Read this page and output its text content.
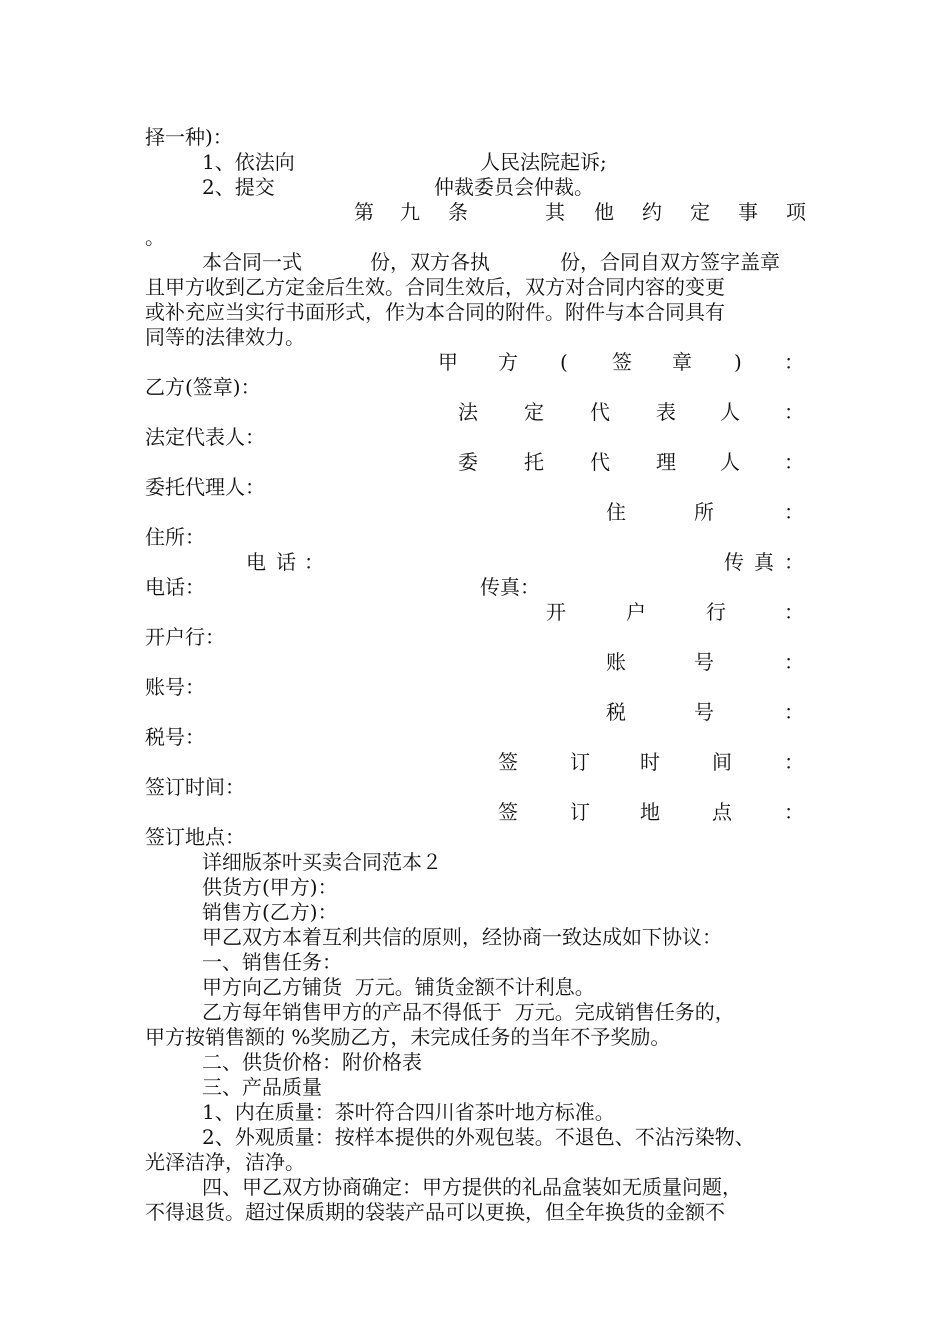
择一种)：
1、依法向	人民法院起诉;
2、提交	仲裁委员会仲裁。
第 九 条	其 他 约 定 事 项
。
本合同一式	份，双方各执	份，合同自双方签字盖章
且甲方收到乙方定金后生效。合同生效后，双方对合同内容的变更
或补充应当实行书面形式，作为本合同的附件。附件与本合同具有
同等的法律效力。
甲 方 ( 签 章 ) ：
乙方(签章)：
法 定 代 表 人 ：
法定代表人：
委 托 代 理 人 ：
委托代理人：
住	所	：
住所：
电 话 ：	传 真 ：
电话：	传真：
开	户	行	：
开户行：
账	号	：
账号：
税	号	：
税号：
签	订	时	间	：
签订时间：
签	订	地	点	：
签订地点：
详细版茶叶买卖合同范本２
供货方(甲方)：
销售方(乙方)：
甲乙双方本着互利共信的原则，经协商一致达成如下协议：
一、销售任务：
甲方向乙方铺货  万元。铺货金额不计利息。
乙方每年销售甲方的产品不得低于  万元。完成销售任务的，
甲方按销售额的 %奖励乙方，未完成任务的当年不予奖励。
二、供货价格：附价格表
三、产品质量
1、内在质量：茶叶符合四川省茶叶地方标准。
2、外观质量：按样本提供的外观包装。不退色、不沾污染物、
光泽洁净，洁净。
四、甲乙双方协商确定：甲方提供的礼品盒装如无质量问题，
不得退货。超过保质期的袋装产品可以更换，但全年换货的金额不
